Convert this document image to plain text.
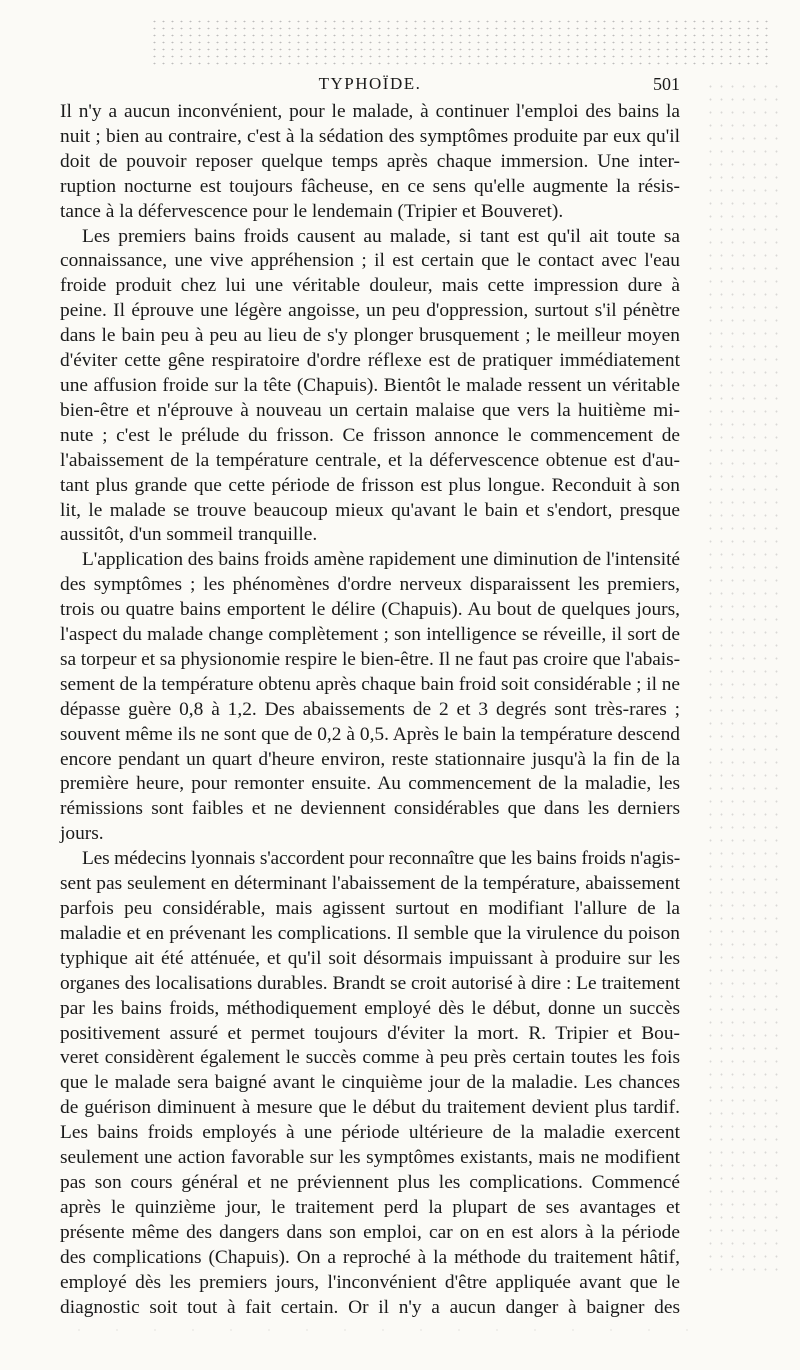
TYPHOÏDE.	501
Il n'y a aucun inconvénient, pour le malade, à continuer l'emploi des bains la
nuit ; bien au contraire, c'est à la sédation des symptômes produite par eux qu'il
doit de pouvoir reposer quelque temps après chaque immersion. Une inter-
ruption nocturne est toujours fâcheuse, en ce sens qu'elle augmente la résis-
tance à la défervescence pour le lendemain (Tripier et Bouveret).
Les premiers bains froids causent au malade, si tant est qu'il ait toute sa
connaissance, une vive appréhension ; il est certain que le contact avec l'eau
froide produit chez lui une véritable douleur, mais cette impression dure à
peine. Il éprouve une légère angoisse, un peu d'oppression, surtout s'il pénètre
dans le bain peu à peu au lieu de s'y plonger brusquement ; le meilleur moyen
d'éviter cette gêne respiratoire d'ordre réflexe est de pratiquer immédiatement
une affusion froide sur la tête (Chapuis). Bientôt le malade ressent un véritable
bien-être et n'éprouve à nouveau un certain malaise que vers la huitième mi-
nute ; c'est le prélude du frisson. Ce frisson annonce le commencement de
l'abaissement de la température centrale, et la défervescence obtenue est d'au-
tant plus grande que cette période de frisson est plus longue. Reconduit à son
lit, le malade se trouve beaucoup mieux qu'avant le bain et s'endort, presque
aussitôt, d'un sommeil tranquille.
L'application des bains froids amène rapidement une diminution de l'intensité
des symptômes ; les phénomènes d'ordre nerveux disparaissent les premiers,
trois ou quatre bains emportent le délire (Chapuis). Au bout de quelques jours,
l'aspect du malade change complètement ; son intelligence se réveille, il sort de
sa torpeur et sa physionomie respire le bien-être. Il ne faut pas croire que l'abais-
sement de la température obtenu après chaque bain froid soit considérable ; il ne
dépasse guère 0,8 à 1,2. Des abaissements de 2 et 3 degrés sont très-rares ;
souvent même ils ne sont que de 0,2 à 0,5. Après le bain la température descend
encore pendant un quart d'heure environ, reste stationnaire jusqu'à la fin de la
première heure, pour remonter ensuite. Au commencement de la maladie, les
rémissions sont faibles et ne deviennent considérables que dans les derniers
jours.
Les médecins lyonnais s'accordent pour reconnaître que les bains froids n'agis-
sent pas seulement en déterminant l'abaissement de la température, abaissement
parfois peu considérable, mais agissent surtout en modifiant l'allure de la
maladie et en prévenant les complications. Il semble que la virulence du poison
typhique ait été atténuée, et qu'il soit désormais impuissant à produire sur les
organes des localisations durables. Brandt se croit autorisé à dire : Le traitement
par les bains froids, méthodiquement employé dès le début, donne un succès
positivement assuré et permet toujours d'éviter la mort. R. Tripier et Bou-
veret considèrent également le succès comme à peu près certain toutes les fois
que le malade sera baigné avant le cinquième jour de la maladie. Les chances
de guérison diminuent à mesure que le début du traitement devient plus tardif.
Les bains froids employés à une période ultérieure de la maladie exercent
seulement une action favorable sur les symptômes existants, mais ne modifient
pas son cours général et ne préviennent plus les complications. Commencé
après le quinzième jour, le traitement perd la plupart de ses avantages et
présente même des dangers dans son emploi, car on en est alors à la période
des complications (Chapuis). On a reproché à la méthode du traitement hâtif,
employé dès les premiers jours, l'inconvénient d'être appliquée avant que le
diagnostic soit tout à fait certain. Or il n'y a aucun danger à baigner des
